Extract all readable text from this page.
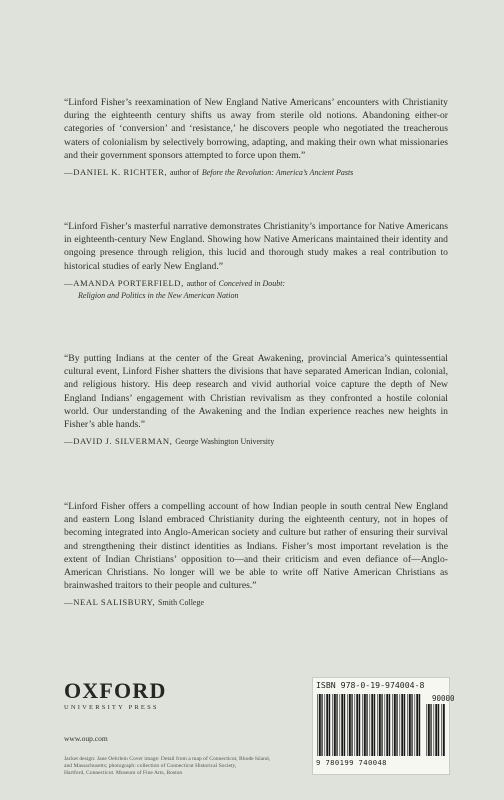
“Linford Fisher’s reexamination of New England Native Americans’ encounters with Christianity during the eighteenth century shifts us away from sterile old notions. Abandoning either-or categories of ‘conversion’ and ‘resistance,’ he discovers people who negotiated the treacherous waters of colonialism by selectively borrowing, adapting, and making their own what missionaries and their government sponsors attempted to force upon them.”

—DANIEL K. RICHTER, author of Before the Revolution: America’s Ancient Pasts

“Linford Fisher’s masterful narrative demonstrates Christianity’s importance for Native Americans in eighteenth-century New England. Showing how Native Americans maintained their identity and ongoing presence through religion, this lucid and thorough study makes a real contribution to historical studies of early New England.”

—AMANDA PORTERFIELD, author of Conceived in Doubt:

Religion and Politics in the New American Nation

“By putting Indians at the center of the Great Awakening, provincial America’s quintessential cultural event, Linford Fisher shatters the divisions that have separated American Indian, colonial, and religious history. His deep research and vivid authorial voice capture the depth of New England Indians’ engagement with Christian revivalism as they confronted a hostile colonial world. Our understanding of the Awakening and the Indian experience reaches new heights in Fisher’s able hands.”

—DAVID J. SILVERMAN, George Washington University

“Linford Fisher offers a compelling account of how Indian people in south central New England and eastern Long Island embraced Christianity during the eighteenth century, not in hopes of becoming integrated into Anglo-American society and culture but rather of ensuring their survival and strengthening their distinct identities as Indians. Fisher’s most important revelation is the extent of Indian Christians’ opposition to—and their criticism and even defiance of—Anglo-American Christians. No longer will we be able to write off Native American Christians as brainwashed traitors to their people and cultures.”

—NEAL SALISBURY, Smith College

OXFORD
UNIVERSITY PRESS
www.oup.com
Jacket design: Jane Oehrlein Cover image: Detail from a map of Connecticut, Rhode Island,
and Massachusetts; photograph: collection of Connecticut Historical Society,
Hartford, Connecticut. Museum of Fine Arts, Boston
ISBN 978-0-19-974004-8
90000
9 780199 740048
